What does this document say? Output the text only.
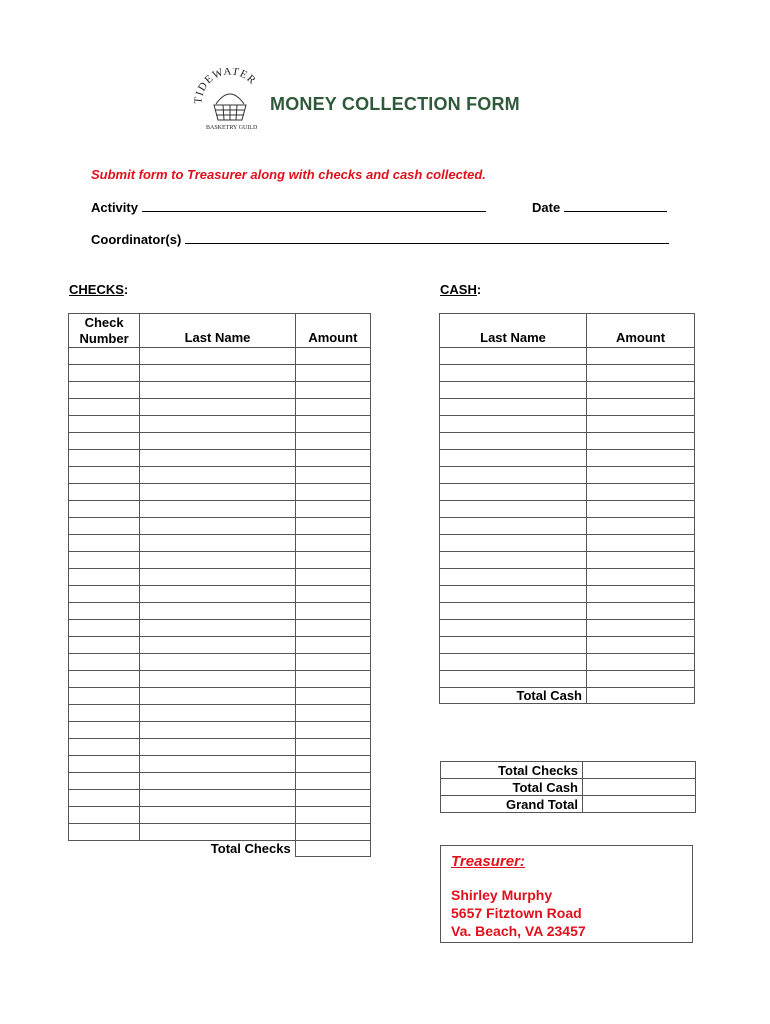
TIDEWATER
BASKETRY GUILD
MONEY COLLECTION FORM
Submit form to Treasurer along with checks and cash collected.
Activity	Date
Coordinator(s)
CHECKS:	CASH:
Check
Number	Last Name	Amount

	Total Checks	
Last Name	Amount

Total Cash	
Total Checks	
Total Cash	
Grand Total	
Treasurer:
Shirley Murphy
5657 Fitztown Road
Va. Beach, VA 23457
